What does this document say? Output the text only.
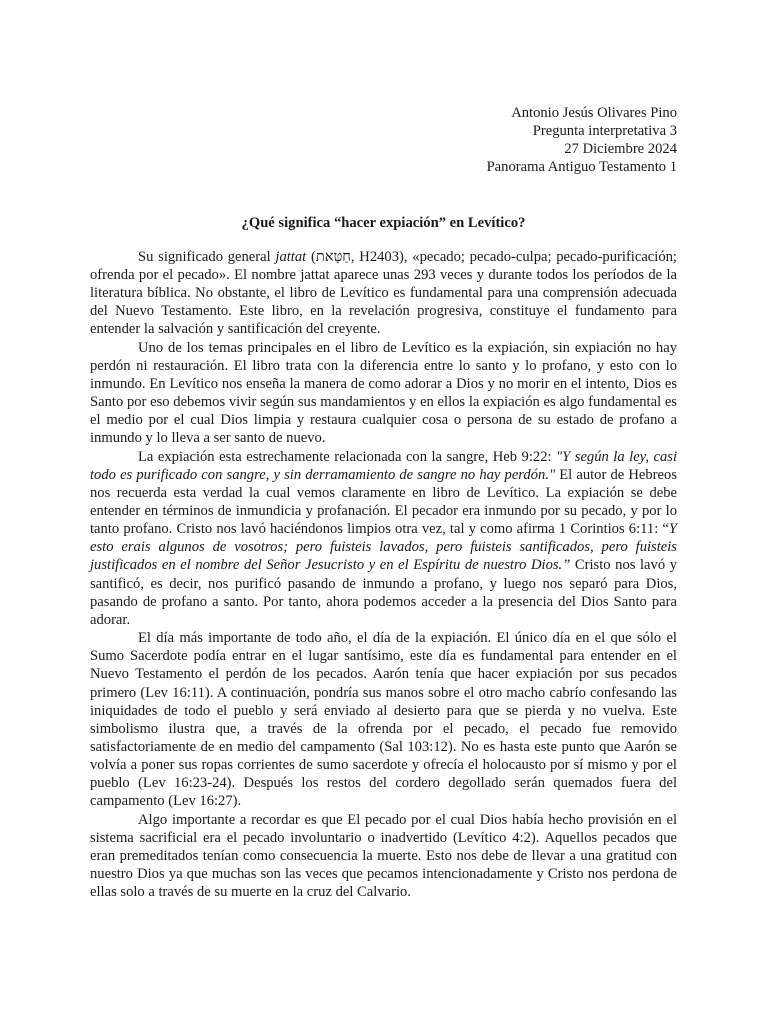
Antonio Jesús Olivares Pino
Pregunta interpretativa 3
27 Diciembre 2024
Panorama Antiguo Testamento 1
¿Qué significa “hacer expiación” en Levítico?

Su significado general jattat (חַטָּאת, H2403), «pecado; pecado-culpa; pecado-purificación; ofrenda por el pecado». El nombre jattat aparece unas 293 veces y durante todos los períodos de la literatura bíblica. No obstante, el libro de Levítico es fundamental para una comprensión adecuada del Nuevo Testamento. Este libro, en la revelación progresiva, constituye el fundamento para entender la salvación y santificación del creyente.

Uno de los temas principales en el libro de Levítico es la expiación, sin expiación no hay perdón ni restauración. El libro trata con la diferencia entre lo santo y lo profano, y esto con lo inmundo. En Levítico nos enseña la manera de como adorar a Dios y no morir en el intento, Dios es Santo por eso debemos vivir según sus mandamientos y en ellos la expiación es algo fundamental es el medio por el cual Dios limpia y restaura cualquier cosa o persona de su estado de profano a inmundo y lo lleva a ser santo de nuevo.

La expiación esta estrechamente relacionada con la sangre, Heb 9:22: "Y según la ley, casi todo es purificado con sangre, y sin derramamiento de sangre no hay perdón." El autor de Hebreos nos recuerda esta verdad la cual vemos claramente en libro de Levítico. La expiación se debe entender en términos de inmundicia y profanación. El pecador era inmundo por su pecado, y por lo tanto profano. Cristo nos lavó haciéndonos limpios otra vez, tal y como afirma 1 Corintios 6:11: “Y esto erais algunos de vosotros; pero fuisteis lavados, pero fuisteis santificados, pero fuisteis justificados en el nombre del Señor Jesucristo y en el Espíritu de nuestro Dios.” Cristo nos lavó y santificó, es decir, nos purificó pasando de inmundo a profano, y luego nos separó para Dios, pasando de profano a santo. Por tanto, ahora podemos acceder a la presencia del Dios Santo para adorar.

El día más importante de todo año, el día de la expiación. El único día en el que sólo el Sumo Sacerdote podía entrar en el lugar santísimo, este día es fundamental para entender en el Nuevo Testamento el perdón de los pecados. Aarón tenía que hacer expiación por sus pecados primero (Lev 16:11). A continuación, pondría sus manos sobre el otro macho cabrío confesando las iniquidades de todo el pueblo y será enviado al desierto para que se pierda y no vuelva. Este simbolismo ilustra que, a través de la ofrenda por el pecado, el pecado fue removido satisfactoriamente de en medio del campamento (Sal 103:12). No es hasta este punto que Aarón se volvía a poner sus ropas corrientes de sumo sacerdote y ofrecía el holocausto por sí mismo y por el pueblo (Lev 16:23-24). Después los restos del cordero degollado serán quemados fuera del campamento (Lev 16:27).

Algo importante a recordar es que El pecado por el cual Dios había hecho provisión en el sistema sacrificial era el pecado involuntario o inadvertido (Levítico 4:2). Aquellos pecados que eran premeditados tenían como consecuencia la muerte. Esto nos debe de llevar a una gratitud con nuestro Dios ya que muchas son las veces que pecamos intencionadamente y Cristo nos perdona de ellas solo a través de su muerte en la cruz del Calvario.
